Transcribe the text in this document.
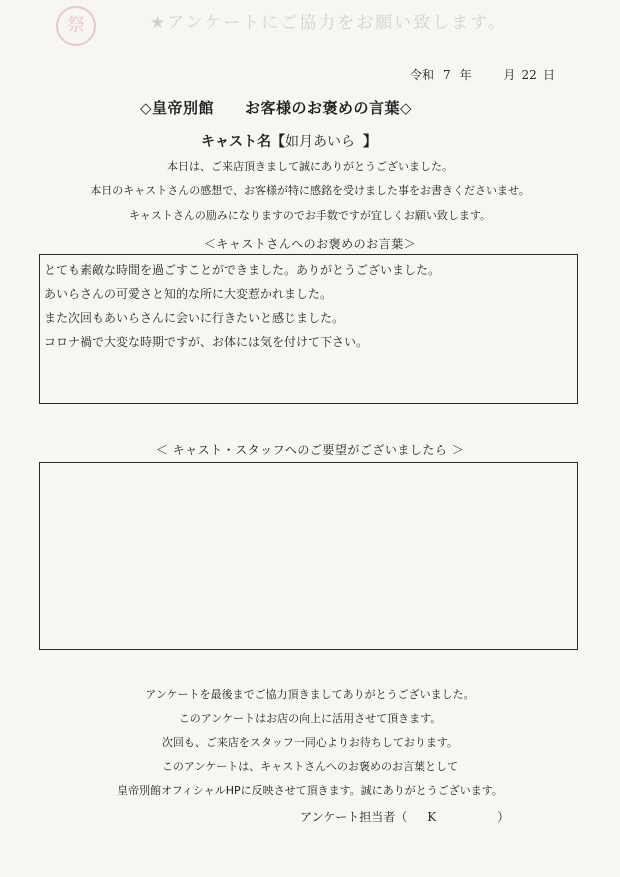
祭	★アンケートにご協力をお願い致します。
令和 7 年	月 22 日
◇皇帝別館　　お客様のお褒めの言葉◇
キャスト名【如月あいら 】
本日は、ご来店頂きまして誠にありがとうございました。
本日のキャストさんの感想で、お客様が特に感銘を受けました事をお書きくださいませ。
キャストさんの励みになりますのでお手数ですが宜しくお願い致します。
＜キャストさんへのお褒めのお言葉＞
とても素敵な時間を過ごすことができました。ありがとうございました。
あいらさんの可愛さと知的な所に大変惹かれました。
また次回もあいらさんに会いに行きたいと感じました。
コロナ禍で大変な時期ですが、お体には気を付けて下さい。
＜ キャスト・スタッフへのご要望がございましたら ＞
アンケートを最後までご協力頂きましてありがとうございました。
このアンケートはお店の向上に活用させて頂きます。
次回も、ご来店をスタッフ一同心よりお待ちしております。
このアンケートは、キャストさんへのお褒めのお言葉として
皇帝別館オフィシャルHPに反映させて頂きます。誠にありがとうございます。
アンケート担当者（ K	）
